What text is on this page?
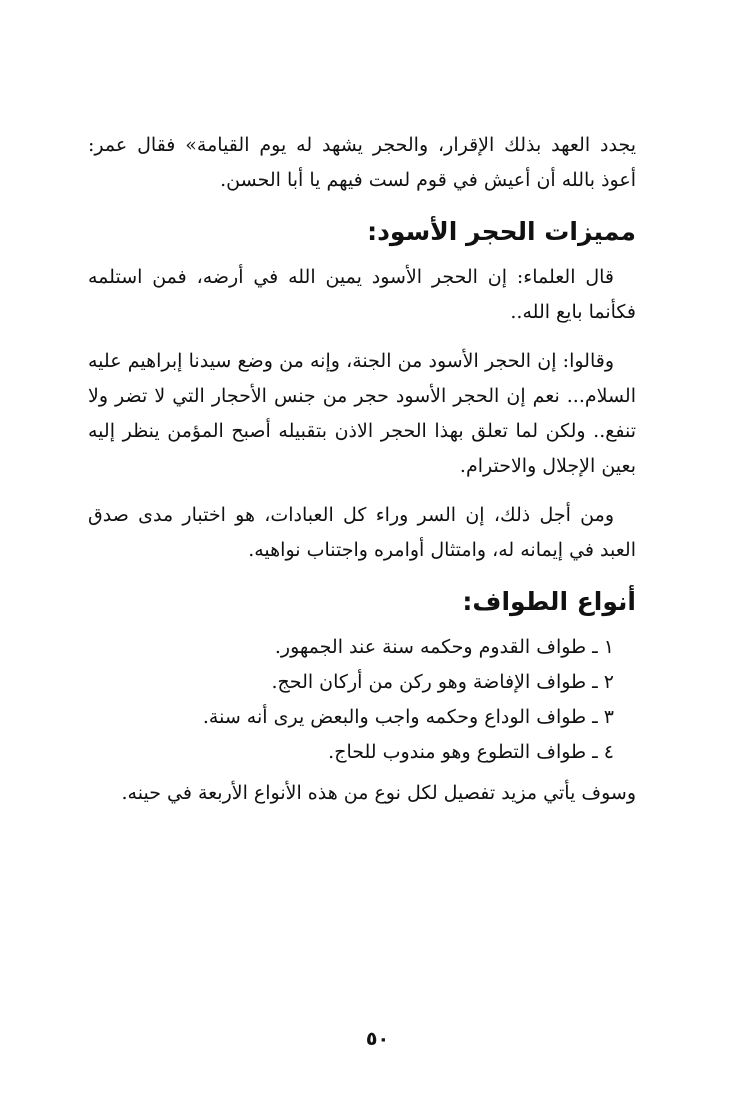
يجدد العهد بذلك الإقرار، والحجر يشهد له يوم القيامة» فقال عمر: أعوذ بالله أن أعيش في قوم لست فيهم يا أبا الحسن.

مميزات الحجر الأسود:

قال العلماء: إن الحجر الأسود يمين الله في أرضه، فمن استلمه فكأنما بايع الله..

وقالوا: إن الحجر الأسود من الجنة، وإنه من وضع سيدنا إبراهيم عليه السلام... نعم إن الحجر الأسود حجر من جنس الأحجار التي لا تضر ولا تنفع.. ولكن لما تعلق بهذا الحجر الاذن بتقبيله أصبح المؤمن ينظر إليه بعين الإجلال والاحترام.

ومن أجل ذلك، إن السر وراء كل العبادات، هو اختبار مدى صدق العبد في إيمانه له، وامتثال أوامره واجتناب نواهيه.

أنواع الطواف:
١ ـطواف القدوم وحكمه سنة عند الجمهور.
٢ ـطواف الإفاضة وهو ركن من أركان الحج.
٣ ـطواف الوداع وحكمه واجب والبعض يرى أنه سنة.
٤ ـطواف التطوع وهو مندوب للحاج.

وسوف يأتي مزيد تفصيل لكل نوع من هذه الأنواع الأربعة في حينه.

٥٠
